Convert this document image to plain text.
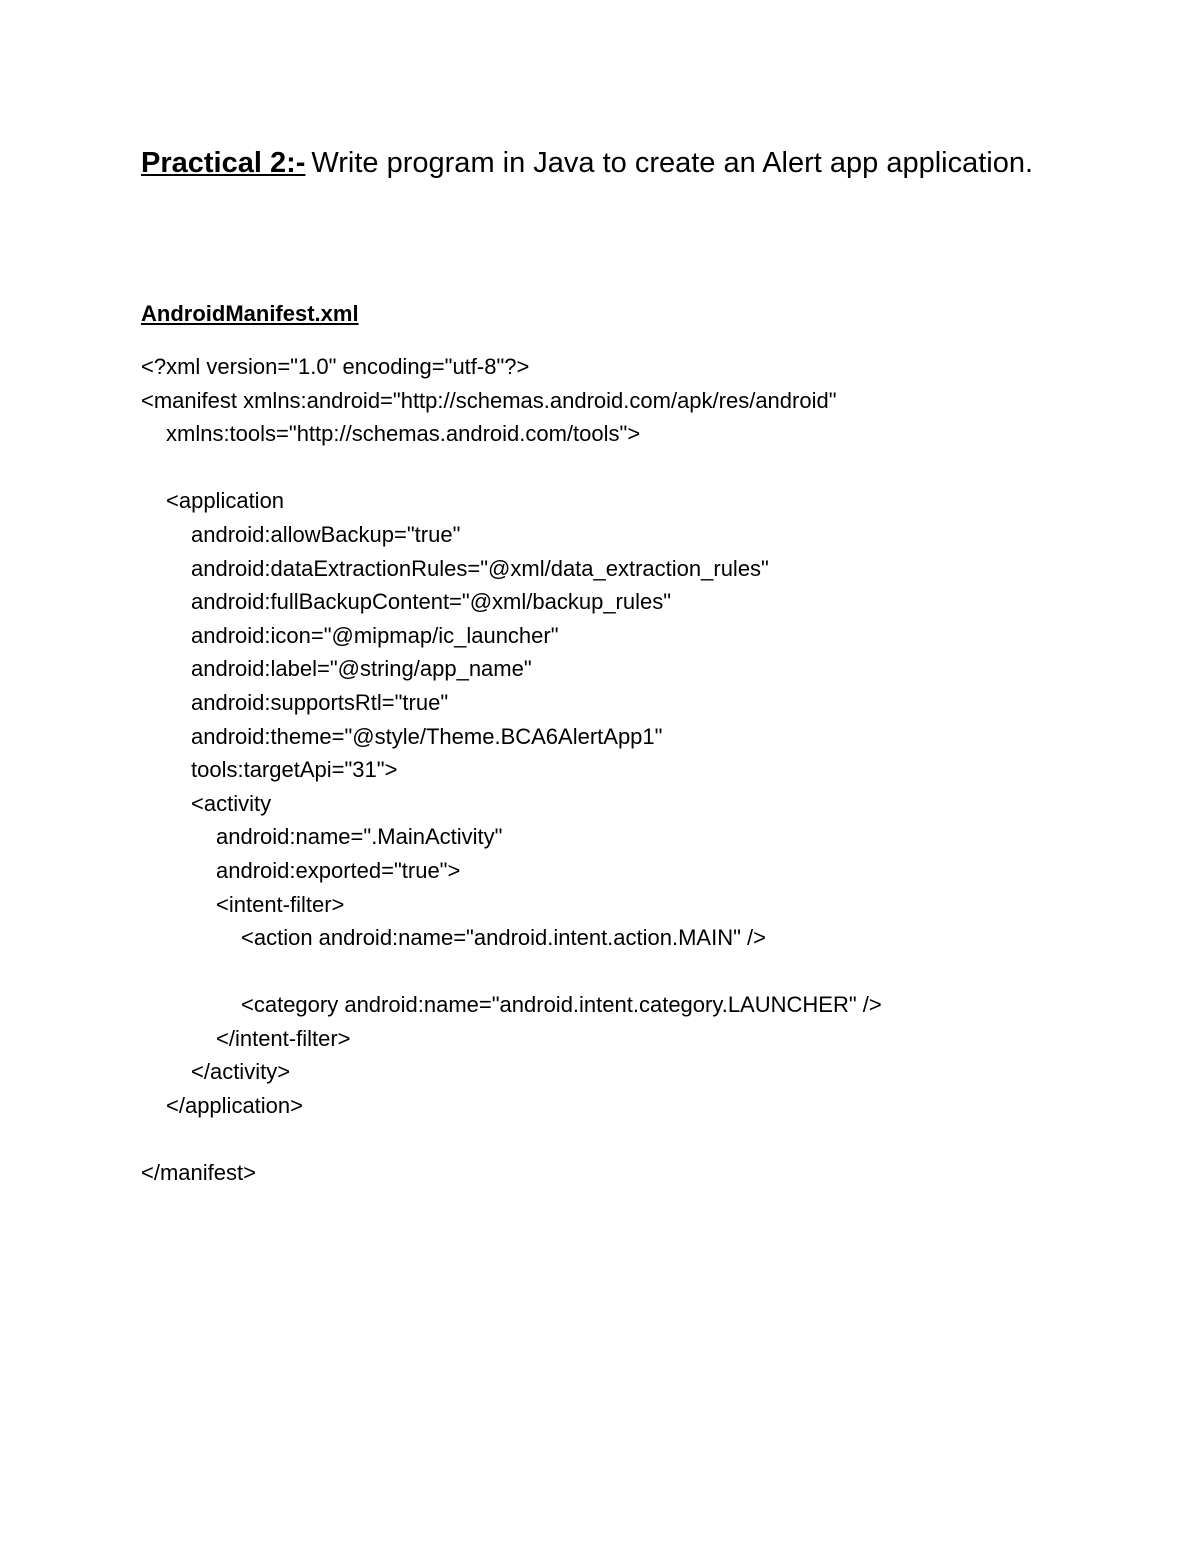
Practical 2:- Write program in Java to create an Alert app application.
AndroidManifest.xml
<?xml version="1.0" encoding="utf-8"?>
<manifest xmlns:android="http://schemas.android.com/apk/res/android"
xmlns:tools="http://schemas.android.com/tools">
<application
android:allowBackup="true"
android:dataExtractionRules="@xml/data_extraction_rules"
android:fullBackupContent="@xml/backup_rules"
android:icon="@mipmap/ic_launcher"
android:label="@string/app_name"
android:supportsRtl="true"
android:theme="@style/Theme.BCA6AlertApp1"
tools:targetApi="31">
<activity
android:name=".MainActivity"
android:exported="true">
<intent-filter>
<action android:name="android.intent.action.MAIN" />
<category android:name="android.intent.category.LAUNCHER" />
</intent-filter>
</activity>
</application>
</manifest>
